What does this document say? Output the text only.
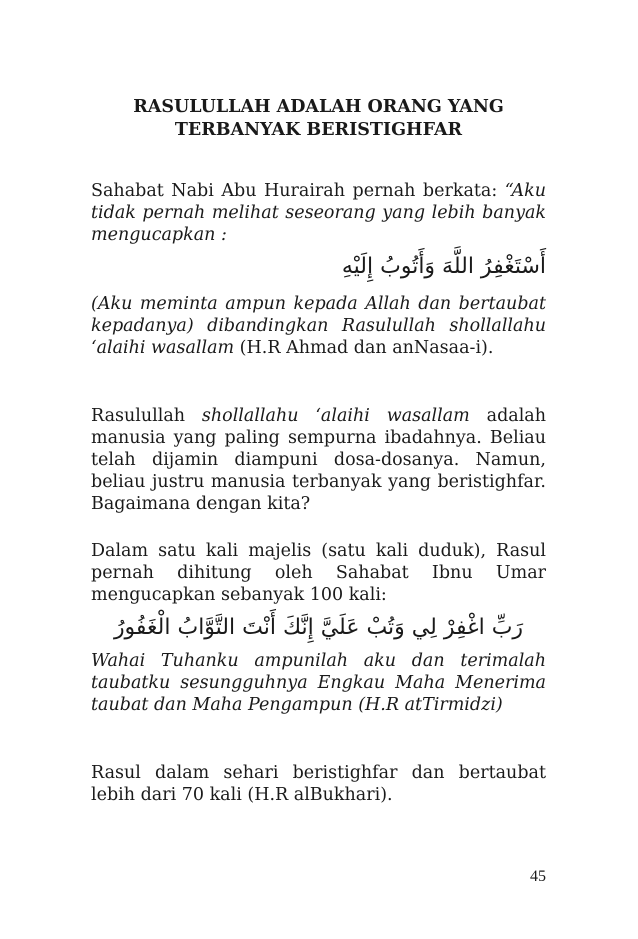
RASULULLAH ADALAH ORANG YANG
TERBANYAK BERISTIGHFAR

Sahabat Nabi Abu Hurairah pernah berkata: “Aku tidak pernah melihat seseorang yang lebih banyak mengucapkan :

أَسْتَغْفِرُ اللَّهَ وَأَتُوبُ إِلَيْهِ

(Aku meminta ampun kepada Allah dan bertaubat kepadanya) dibandingkan Rasulullah shollallahu ‘alaihi wasallam (H.R Ahmad dan anNasaa-i).

Rasulullah shollallahu ‘alaihi wasallam adalah manusia yang paling sempurna ibadahnya. Beliau telah dijamin diampuni dosa-dosanya. Namun, beliau justru manusia terbanyak yang beristighfar. Bagaimana dengan kita?

Dalam satu kali majelis (satu kali duduk), Rasul pernah dihitung oleh Sahabat Ibnu Umar mengucapkan sebanyak 100 kali:

رَبِّ اغْفِرْ لِي وَتُبْ عَلَيَّ إِنَّكَ أَنْتَ التَّوَّابُ الْغَفُورُ

Wahai Tuhanku ampunilah aku dan terimalah taubatku sesungguhnya Engkau Maha Menerima taubat dan Maha Pengampun (H.R atTirmidzi)

Rasul dalam sehari beristighfar dan bertaubat lebih dari 70 kali (H.R alBukhari).

45
